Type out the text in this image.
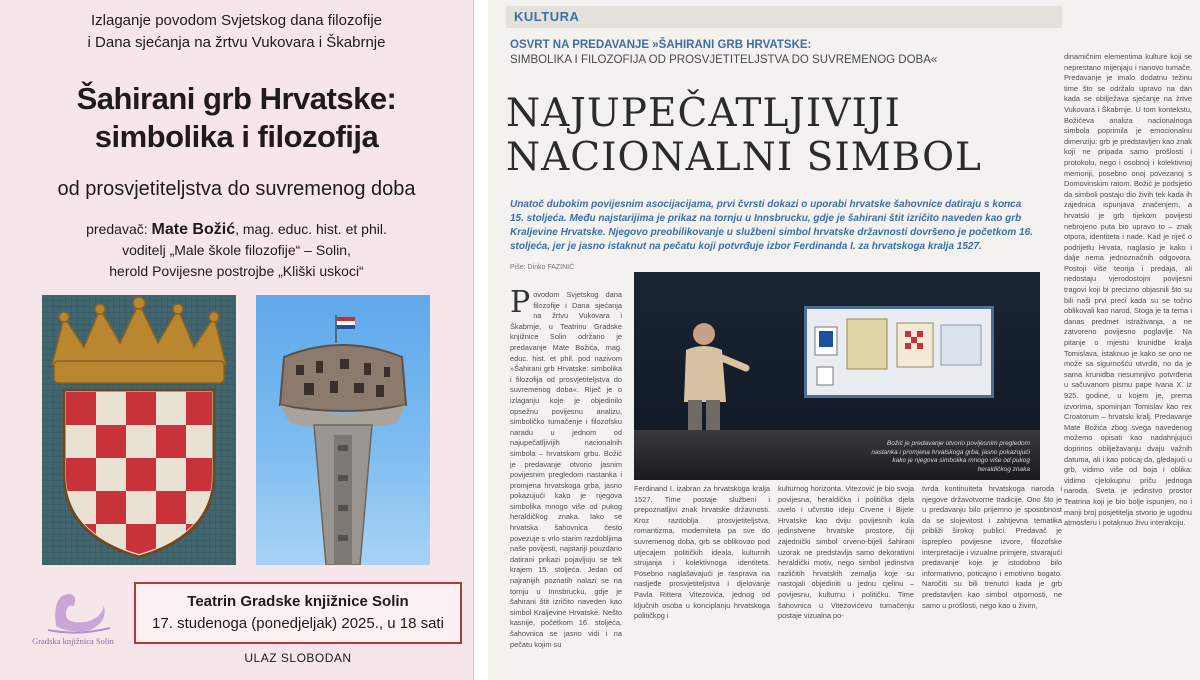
Izlaganje povodom Svjetskog dana filozofije
i Dana sjećanja na žrtvu Vukovara i Škabrnje
Šahirani grb Hrvatske:
simbolika i filozofija
od prosvjetiteljstva do suvremenog doba
predavač: Mate Božić, mag. educ. hist. et phil.
voditelj „Male škole filozofije“ – Solin,
herold Povijesne postrojbe „Kliški uskoci“
Gradska knjižnica Solin
Teatrin Gradske knjižnice Solin
17. studenoga (ponedjeljak) 2025., u 18 sati
ULAZ SLOBODAN
KULTURA
OSVRT NA PREDAVANJE »ŠAHIRANI GRB HRVATSKE:
SIMBOLIKA I FILOZOFIJA OD PROSVJETITELJSTVA DO SUVREMENOG DOBA«
NAJUPEČATLJIVIJI
NACIONALNI SIMBOL
Unatoč dubokim povijesnim asocijacijama, prvi čvrsti dokazi o uporabi hrvatske šahovnice datiraju s konca 15. stoljeća. Među najstarijima je prikaz na tornju u Innsbrucku, gdje je šahirani štit izričito naveden kao grb Kraljevine Hrvatske. Njegovo preobilikovanje u službeni simbol hrvatske državnosti dovršeno je početkom 16. stoljeća, jer je jasno istaknut na pečatu koji potvrđuje izbor Ferdinanda I. za hrvatskoga kralja 1527.
Piše: Dinko FAZINIĆ
Povodom Svjetskog dana filozofije i Dana sjećanja na žrtvu Vukovara i Škabrnje, u Teatrinu Gradske knjižnice Solin održano je predavanje Mate Božića, mag. educ. hist. et phil. pod nazivom »Šahirani grb Hrvatske: simbolika i filozofija od prosvjetiteljstva do suvremenog doba«. Riječ je o izlaganju koje je objedinilo opsežnu povijesnu analizu, simboličko tumačenje i filozofsku naradu u jednom od najupečatljivijih nacionalnih simbola – hrvatskom grbu. Božić je predavanje otvorio jasnim povijesnim pregledom nastanka i promjena hrvatskoga grba, jasno pokazujući kako je njegova simbolika mnogo više od pukog heraldičkog znaka. Iako se hrvatska šahovnica često povezuje s vrlo starim razdobljima naše povijesti, najstariji pouzdano datirani prikazi pojavljuju se tek krajem 15. stoljeća. Jedan od najranijih poznatih nalazi se na tornju u Innsbrucku, gdje je šahirani štit izričito naveden kao simbol Kraljevine Hrvatske. Nešto kasnije, početkom 16. stoljeća, šahovnica se jasno vidi i na pečatu kojim su
Božić je predavanje otvorio povijesnim pregledom nastanka i promjena hrvatskoga grba, jasno pokazujući kako je njegova simbolika mnogo više od pukog heraldičkog znaka
Ferdinand I. izabran za hrvatskoga kralja 1527. Time postaje službeni i prepoznatljivi znak hrvatske državnosti. Kroz razdoblja prosvjetiteljstva, romantizma, moderniteta pa sve do suvremenog doba, grb se oblikovao pod utjecajem političkih ideala, kulturnih strujanja i kolektivnoga identiteta. Posebno naglašavajući je rasprava na nasljeđe prosvjetiteljstva i djelovanje Pavla Rittera Vitezovića, jednog od ključnih osoba u konciplanju hrvatskoga političkog i
kulturnog horizonta. Vitezović je bio svoja povijesna, heraldička i politička djela uvelo i učvrstio ideju Crvene i Bijele Hrvatske kao dviju povijesnih kula jedinstvene hrvatske prostore, čiji zajednički simbol crveno-bijeli šahirani uzorak ne predstavlja samo dekorativni heraldički motiv, nego simbol jedinstva različitih hrvatskih zemalja koje su nastojali objediniti u jednu cjelinu – povijesnu, kulturnu i političku. Time šahovnica u Vitezovićevu tumačenju postaje vizualna po-
tvrda kontinuiteta hrvatskoga naroda i njegove državotvorne tradicije. Ono što je u predavanju bilo prijemno je sposobnost da se slojevitost i zahtjevna tematika približi širokoj publici. Predavač je isprepleo povijesne izvore, filozofske interpretacije i vizualne primjere, stvarajući predavanje koje je istodobno bilo informativno, poticajno i emotivno bogato. Naročiti su bili trenutci kada je grb predstavljen kao simbol otpornosti, ne samo u prošlosti, nego kao u živim,
dinamičnim elementima kulture koji se neprestano mijenjaju i nanovo tumače. Predavanje je imalo dodatnu težinu time što se održalo upravo na dan kada se obilježava sjećanje na žrtve Vukovara i Škabrnje. U tom kontekstu, Božićeva analiza nacionalnoga simbola poprimila je emocionalnu dimenziju: grb je predstavljen kao znak koji ne pripada samo prošlosti i protokolu, nego i osobnoj i kolektivnoj memoriji, posebno onoj povezanoj s Domovinskim ratom. Božić je podsjetio da simboli postaju dio živih tek kada ih zajednica ispunjava značenjem, a hrvatski je grb tijekom povijesti nebrojeno puta bio upravo to – znak otpora, identiteta i nade. Kad je riječ o podrijetlu Hrvata, naglasio je kako i dalje nema jednoznačnih odgovora. Postoji više teorija i predaja, ali nedostaju vjerodostojni povijesni tragovi koji bi precizno objasnili što su bili naši prvi preci kada su se točno oblikovali kao narod. Stoga je ta tema i danas predmet istraživanja, a ne zatvoreno povijesno poglavlje. Na pitanje o mjestu krunidbe kralja Tomislava, istaknuo je kako se ono ne može sa sigurnošću utvrditi, no da je sama krunidba nesumnjivo potvrđena u sačuvanom pismu pape Ivana X. iz 925. godine, u kojem je, prema izvorima, spominjan Tomislav kao rex Croatorum – hrvatski kralj. Predavanje Mate Božića zbog svega navedenog možemo opisati kao nadahnjujući doprinos obilježavanju dvaju važnih datuma, ali i kao poticaj da, gledajući u grb, vidimo više od boja i oblika: vidimo cjelokupnu priču jednoga naroda. Sveta je jedinstvo prostor Teatrina koji je bio bolje ispunjen, no i manji broj posjetitelja stvorio je ugodnu atmosferu i potaknuo živu interakciju.
